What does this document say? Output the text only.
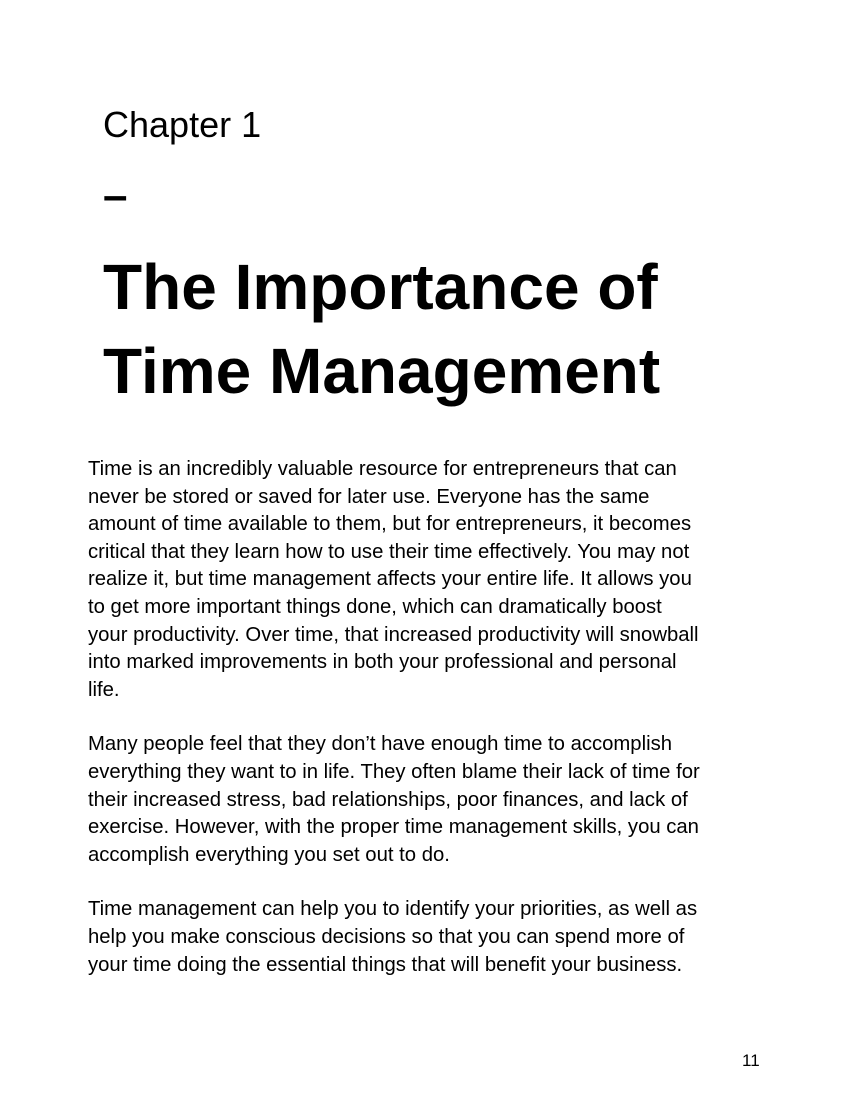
Chapter 1
–
The Importance of
Time Management

Time is an incredibly valuable resource for entrepreneurs that can
never be stored or saved for later use. Everyone has the same
amount of time available to them, but for entrepreneurs, it becomes
critical that they learn how to use their time effectively. You may not
realize it, but time management affects your entire life. It allows you
to get more important things done, which can dramatically boost
your productivity. Over time, that increased productivity will snowball
into marked improvements in both your professional and personal
life.

Many people feel that they don’t have enough time to accomplish
everything they want to in life. They often blame their lack of time for
their increased stress, bad relationships, poor finances, and lack of
exercise. However, with the proper time management skills, you can
accomplish everything you set out to do.

Time management can help you to identify your priorities, as well as
help you make conscious decisions so that you can spend more of
your time doing the essential things that will benefit your business.

11
